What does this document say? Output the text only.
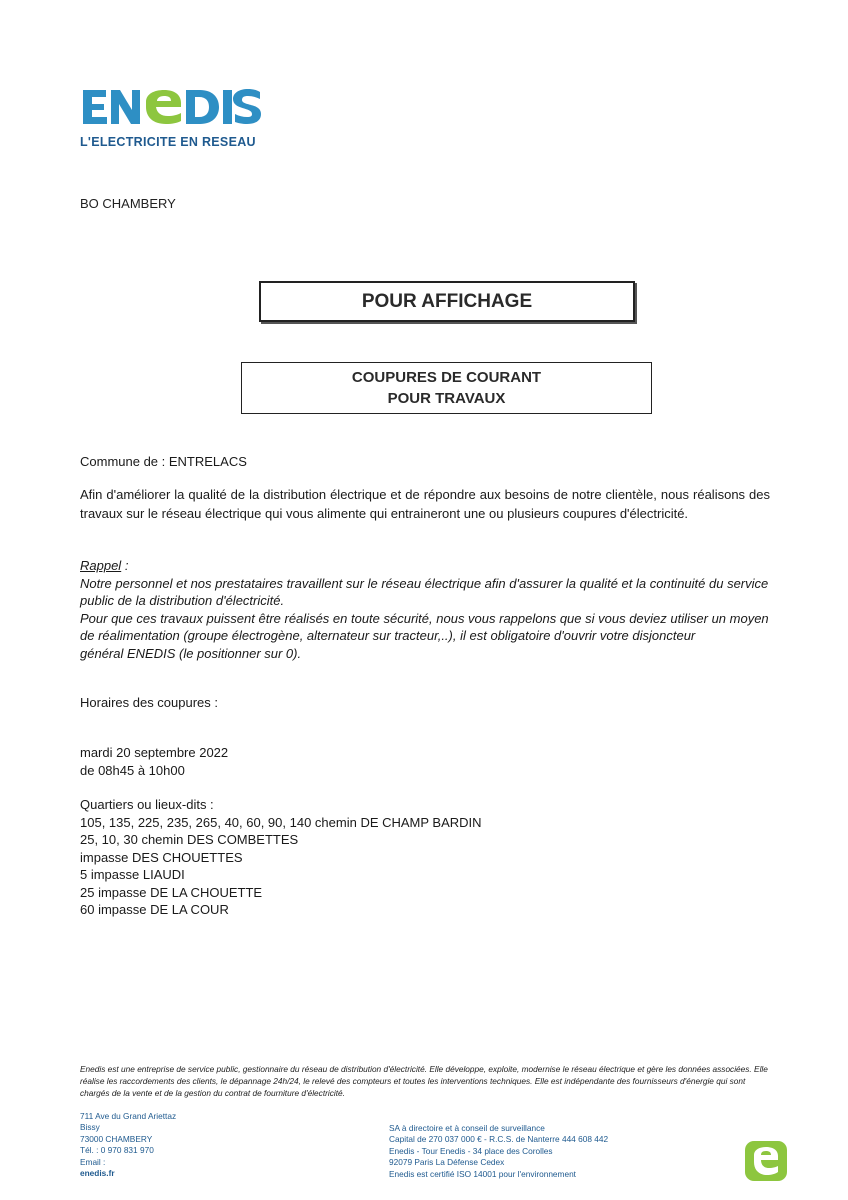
L'ELECTRICITE EN RESEAU
BO CHAMBERY
POUR AFFICHAGE
COUPURES DE COURANT
POUR TRAVAUX
Commune de : ENTRELACS
Afin d'améliorer la qualité de la distribution électrique et de répondre aux besoins de notre clientèle, nous réalisons des travaux sur le réseau électrique qui vous alimente qui entraineront une ou plusieurs coupures d'électricité.
Rappel :
Notre personnel et nos prestataires travaillent sur le réseau électrique afin d'assurer la qualité et la continuité du service public de la distribution d'électricité.
Pour que ces travaux puissent être réalisés en toute sécurité, nous vous rappelons que si vous deviez utiliser un moyen de réalimentation (groupe électrogène, alternateur sur tracteur,..), il est obligatoire d'ouvrir votre disjoncteur
général ENEDIS (le positionner sur 0).
Horaires des coupures :
mardi 20 septembre 2022
de 08h45 à 10h00
Quartiers ou lieux-dits :
105, 135, 225, 235, 265, 40, 60, 90, 140 chemin DE CHAMP BARDIN
25, 10, 30 chemin DES COMBETTES
impasse DES CHOUETTES
5 impasse LIAUDI
25 impasse DE LA CHOUETTE
60 impasse DE LA COUR
Enedis est une entreprise de service public, gestionnaire du réseau de distribution d'électricité. Elle développe, exploite, modernise le réseau électrique et gère les données associées. Elle réalise les raccordements des clients, le dépannage 24h/24, le relevé des compteurs et toutes les interventions techniques. Elle est indépendante des fournisseurs d'énergie qui sont chargés de la vente et de la gestion du contrat de fourniture d'électricité.
711 Ave du Grand Ariettaz
Bissy
73000 CHAMBERY
Tél. : 0 970 831 970
Email :
enedis.fr
SA à directoire et à conseil de surveillance
Capital de 270 037 000 € - R.C.S. de Nanterre 444 608 442
Enedis - Tour Enedis - 34 place des Corolles
92079 Paris La Défense Cedex
Enedis est certifié ISO 14001 pour l'environnement
